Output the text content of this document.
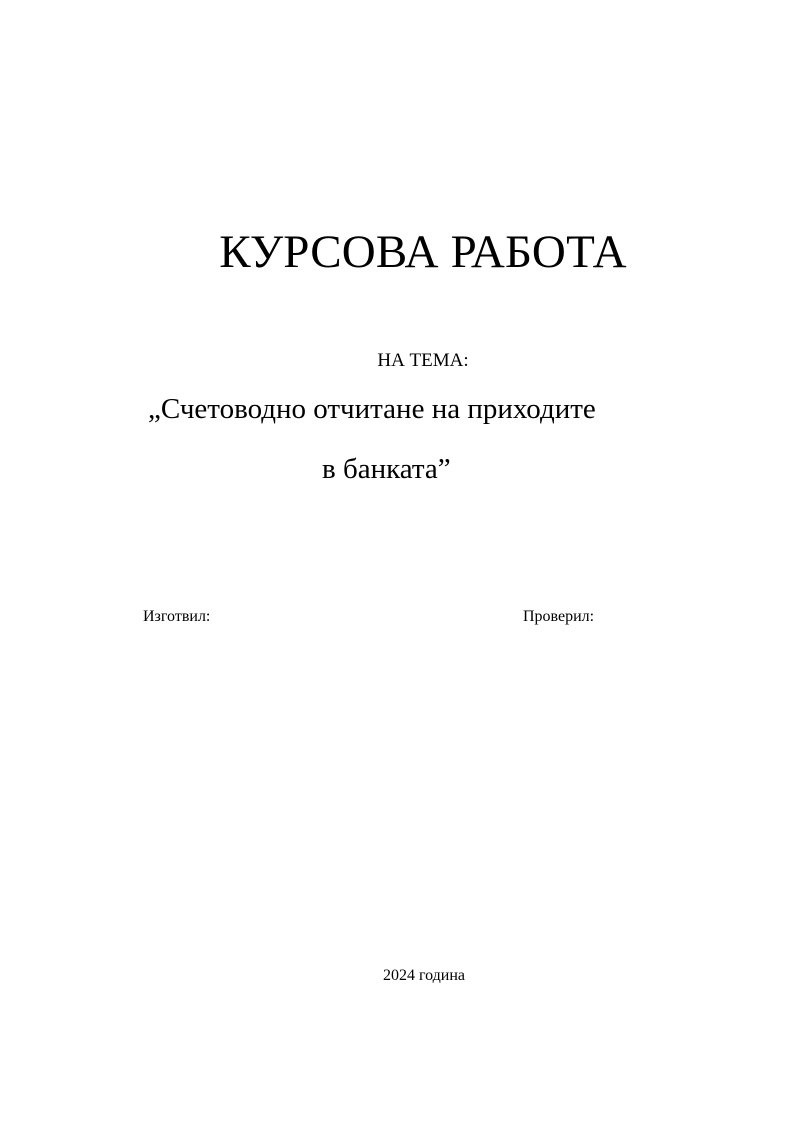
КУРСОВА РАБОТА
НА ТЕМА:
„Счетоводно отчитане на приходите
в банката”
Изготвил:	Проверил:
2024 година
